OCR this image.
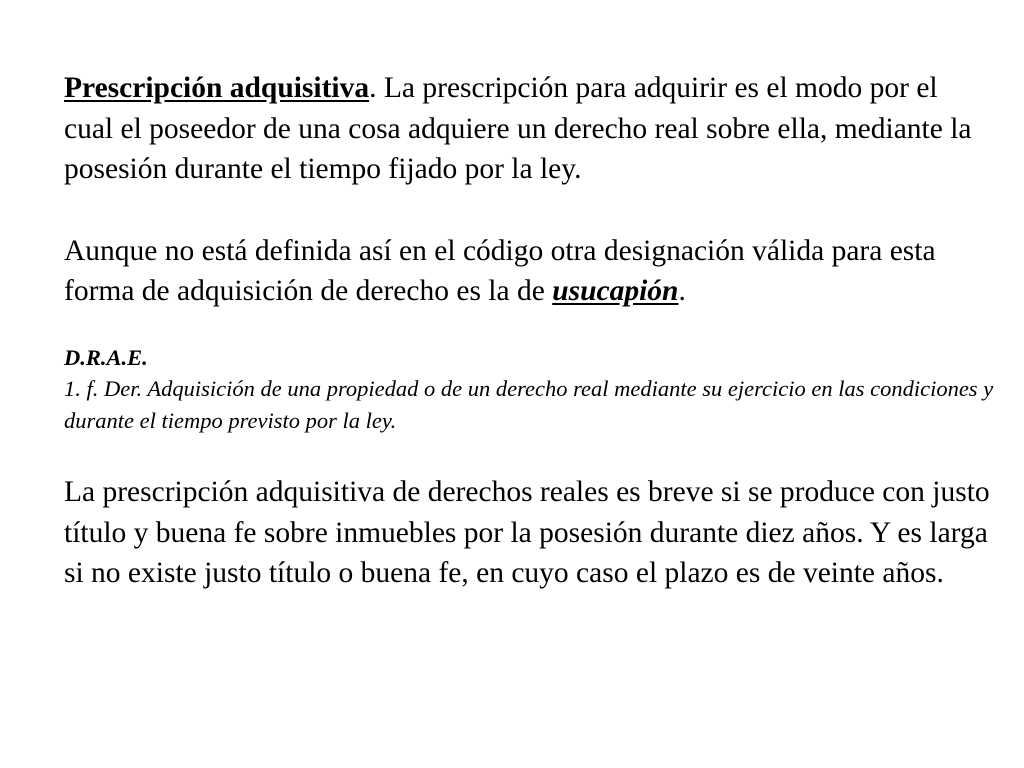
Prescripción adquisitiva. La prescripción para adquirir es el modo por el cual el poseedor de una cosa adquiere un derecho real sobre ella, mediante la posesión durante el tiempo fijado por la ley.

Aunque no está definida así en el código otra designación válida para esta forma de adquisición de derecho es la de usucapión.

D.R.A.E.
1. f. Der. Adquisición de una propiedad o de un derecho real mediante su ejercicio en las condiciones y durante el tiempo previsto por la ley.

La prescripción adquisitiva de derechos reales es breve si se produce con justo título y buena fe sobre inmuebles por la posesión durante diez años. Y es larga si no existe justo título o buena fe, en cuyo caso el plazo es de veinte años.
